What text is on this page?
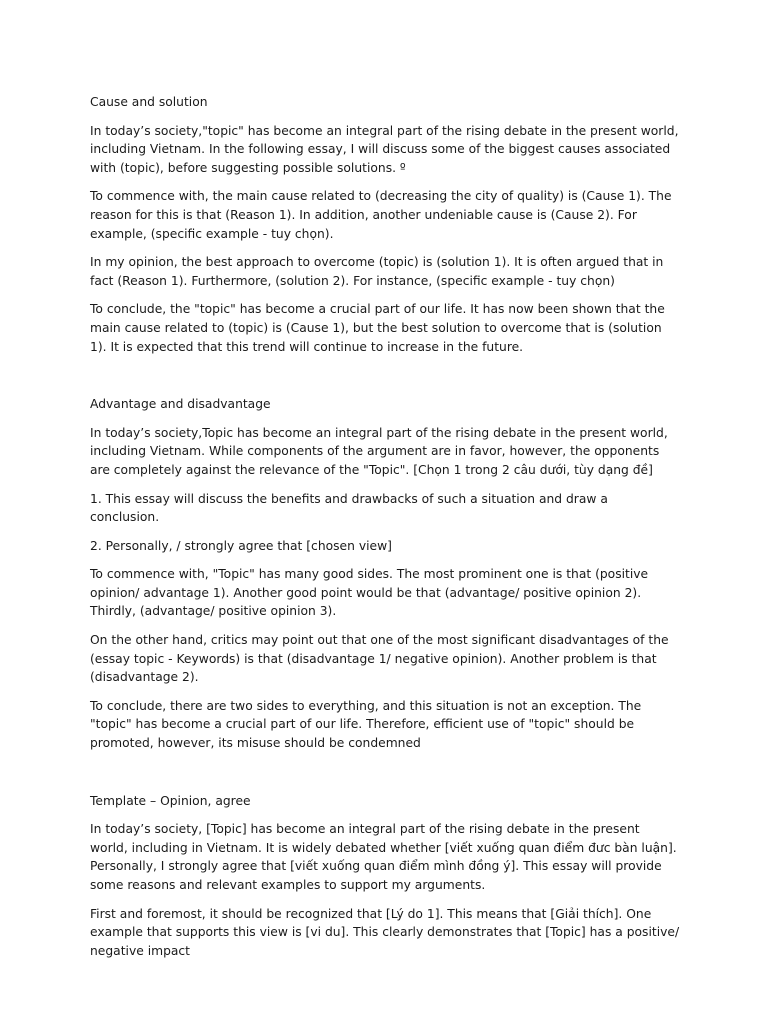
Cause and solution

In today’s society,"topic" has become an integral part of the rising debate in the present world, including Vietnam. In the following essay, I will discuss some of the biggest causes associated with (topic), before suggesting possible solutions. º

To commence with, the main cause related to (decreasing the city of quality) is (Cause 1). The reason for this is that (Reason 1). In addition, another undeniable cause is (Cause 2). For example, (specific example - tuy chọn).

In my opinion, the best approach to overcome (topic) is (solution 1). It is often argued that in fact (Reason 1). Furthermore, (solution 2). For instance, (specific example - tuy chọn)

To conclude, the "topic" has become a crucial part of our life. It has now been shown that the main cause related to (topic) is (Cause 1), but the best solution to overcome that is (solution 1). It is expected that this trend will continue to increase in the future.

Advantage and disadvantage

In today’s society,Topic has become an integral part of the rising debate in the present world, including Vietnam. While components of the argument are in favor, however, the opponents are completely against the relevance of the "Topic". [Chọn 1 trong 2 câu dưới, tùy dạng đề]

1. This essay will discuss the benefits and drawbacks of such a situation and draw a conclusion.

2. Personally, / strongly agree that [chosen view]

To commence with, "Topic" has many good sides. The most prominent one is that (positive opinion/ advantage 1). Another good point would be that (advantage/ positive opinion 2). Thirdly, (advantage/ positive opinion 3).

On the other hand, critics may point out that one of the most significant disadvantages of the (essay topic - Keywords) is that (disadvantage 1/ negative opinion). Another problem is that (disadvantage 2).

To conclude, there are two sides to everything, and this situation is not an exception. The "topic" has become a crucial part of our life. Therefore, efficient use of "topic" should be promoted, however, its misuse should be condemned

Template – Opinion, agree

In today’s society, [Topic] has become an integral part of the rising debate in the present world, including in Vietnam. It is widely debated whether [viết xuống quan điểm đưc bàn luận]. Personally, I strongly agree that [viết xuống quan điểm mình đồng ý]. This essay will provide some reasons and relevant examples to support my arguments.

First and foremost, it should be recognized that [Lý do 1]. This means that [Giải thích]. One example that supports this view is [vi du]. This clearly demonstrates that [Topic] has a positive/ negative impact
